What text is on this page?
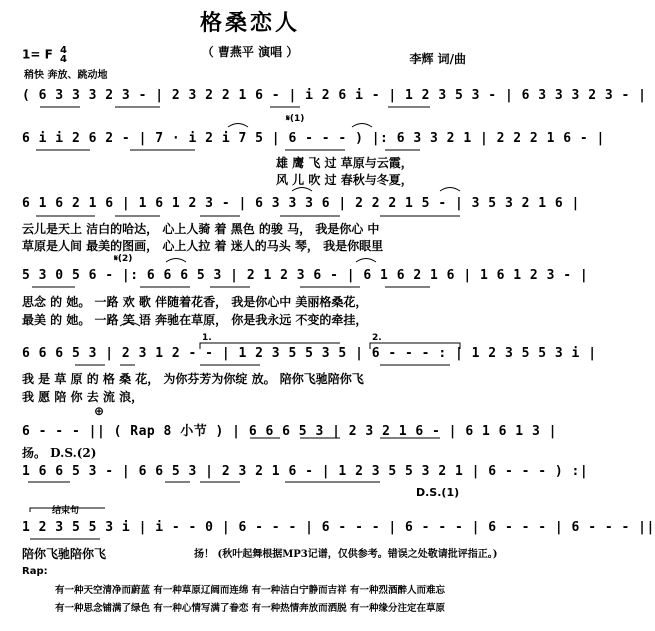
格桑恋人
（ 曹燕平 演唱 ）	李辉 词/曲
1= F 4
4
稍快 奔放、跳动地
( 6 3 3 3 2 3 - | 2 3 2 2 1 6 - | i 2 6 i - | 1 2 3 5 3 - | 6 3 3 3 2 3 - |
6 i i 2 6 2 - | 7 · i 2 i 7 5 | 6 - - - ) |: 6 3 3 2 1 | 2 2 2 1 6 - |
𝄋(1)
雄 鹰 飞 过 草原与云霞，
风 儿 吹 过 春秋与冬夏，
6 1 6 2 1 6 | 1 6 1 2 3 - | 6 3 3 3 6 | 2 2 2 1 5 - | 3 5 3 2 1 6 |
云儿是天上 洁白的哈达， 心上人骑 着 黑色 的骏 马， 我是你心 中
草原是人间 最美的图画， 心上人拉 着 迷人的马头 琴， 我是你眼里
𝄋(2)
5 3 0 5 6 - |: 6 6 6 5 3 | 2 1 2 3 6 - | 6 1 6 2 1 6 | 1 6 1 2 3 - |
思念 的 她。 一路 欢 歌 伴随着花香， 我是你心中 美丽格桑花，
最美 的 她。 一路 笑 语 奔驰在草原， 你是我永远 不变的牵挂，
1.	2.
6 6 6 5 3 | 2 3 1 2 - - | 1 2 3 5 5 3 5 | 6 - - - : | 1 2 3 5 5 3 i |
我 是 草 原 的 格 桑 花， 为你芬芳为你绽 放。 陪你飞驰陪你飞
我 愿 陪 你 去 流 浪，
⊕
6 - - - || ( Rap 8 小节 ) | 6 6 6 5 3 | 2 3 2 1 6 - | 6 1 6 1 3 |
扬。 D.S.(2)
1 6 6 5 3 - | 6 6 5 3 | 2 3 2 1 6 - | 1 2 3 5 5 3 2 1 | 6 - - - ) :|
D.S.(1)
结束句
1 2 3 5 5 3 i | i - - 0 | 6 - - - | 6 - - - | 6 - - - | 6 - - - | 6 - - - ||
陪你飞驰陪你飞	扬！ (秋叶起舞根据MP3记谱，仅供参考。错误之处敬请批评指正。)
Rap:
有一种天空清净而蔚蓝 有一种草原辽阔而连绵 有一种洁白宁静而吉祥 有一种烈酒醉人而难忘
有一种思念铺满了绿色 有一种心情写满了眷恋 有一种热情奔放而洒脱 有一种缘分注定在草原
